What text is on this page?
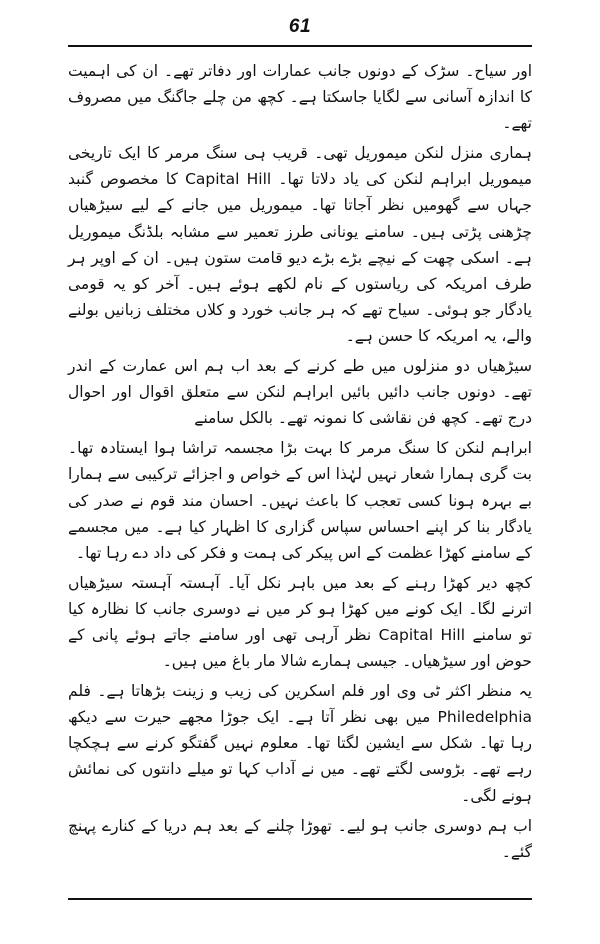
61

اور سیاح۔ سڑک کے دونوں جانب عمارات اور دفاتر تھے۔ ان کی اہمیت کا اندازہ آسانی سے لگایا جاسکتا ہے۔ کچھ من چلے جاگنگ میں مصروف تھے۔

ہماری منزل لنکن میموریل تھی۔ قریب ہی سنگ مرمر کا ایک تاریخی میموریل ابراہم لنکن کی یاد دلاتا تھا۔ Capital Hill کا مخصوص گنبد جہاں سے گھومیں نظر آجاتا تھا۔ میموریل میں جانے کے لیے سیڑھیاں چڑھنی پڑتی ہیں۔ سامنے یونانی طرز تعمیر سے مشابہ بلڈنگ میموریل ہے۔ اسکی چھت کے نیچے بڑے بڑے دیو قامت ستون ہیں۔ ان کے اوپر ہر طرف امریکہ کی ریاستوں کے نام لکھے ہوئے ہیں۔ آخر کو یہ قومی یادگار جو ہوئی۔ سیاح تھے کہ ہر جانب خورد و کلاں مختلف زبانیں بولنے والے، یہ امریکہ کا حسن ہے۔

سیڑھیاں دو منزلوں میں طے کرنے کے بعد اب ہم اس عمارت کے اندر تھے۔ دونوں جانب دائیں بائیں ابراہم لنکن سے متعلق اقوال اور احوال درج تھے۔ کچھ فن نقاشی کا نمونہ تھے۔ بالکل سامنے

ابراہم لنکن کا سنگ مرمر کا بہت بڑا مجسمہ تراشا ہوا ایستادہ تھا۔ بت گری ہمارا شعار نہیں لہٰذا اس کے خواص و اجزائے ترکیبی سے ہمارا بے بہرہ ہونا کسی تعجب کا باعث نہیں۔ احسان مند قوم نے صدر کی یادگار بنا کر اپنے احساس سپاس گزاری کا اظہار کیا ہے۔ میں مجسمے کے سامنے کھڑا عظمت کے اس پیکر کی ہمت و فکر کی داد دے رہا تھا۔

کچھ دیر کھڑا رہنے کے بعد میں باہر نکل آیا۔ آہستہ آہستہ سیڑھیاں اترنے لگا۔ ایک کونے میں کھڑا ہو کر میں نے دوسری جانب کا نظارہ کیا تو سامنے Capital Hill نظر آرہی تھی اور سامنے جاتے ہوئے پانی کے حوض اور سیڑھیاں۔ جیسی ہمارے شالا مار باغ میں ہیں۔

یہ منظر اکثر ٹی وی اور فلم اسکرین کی زیب و زینت بڑھاتا ہے۔ فلم Philedelphia میں بھی نظر آتا ہے۔ ایک جوڑا مجھے حیرت سے دیکھ رہا تھا۔ شکل سے ایشین لگتا تھا۔ معلوم نہیں گفتگو کرنے سے ہچکچا رہے تھے۔ بڑوسی لگتے تھے۔ میں نے آداب کہا تو میلے دانتوں کی نمائش ہونے لگی۔

اب ہم دوسری جانب ہو لیے۔ تھوڑا چلنے کے بعد ہم دریا کے کنارے پہنچ گئے۔
